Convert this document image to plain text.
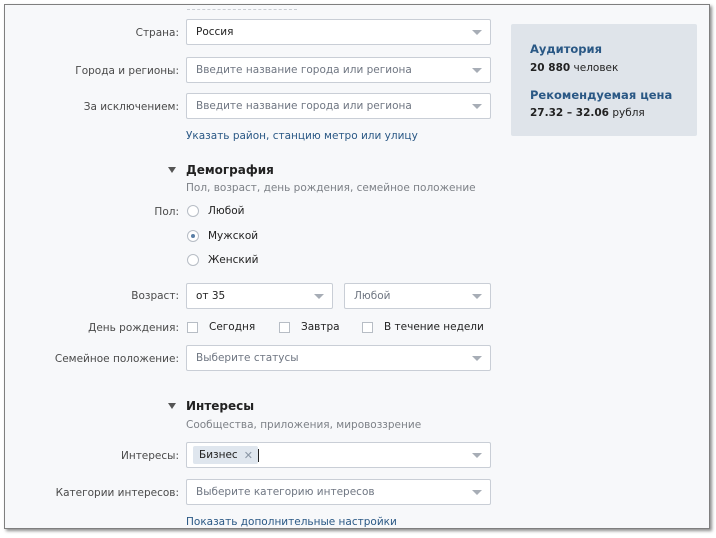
Страна: Россия
Города и регионы: Введите название города или региона
За исключением: Введите название города или региона
Указать район, станцию метро или улицу
Демография
Пол, возраст, день рождения, семейное положение
Пол:	Любой
Мужской
Женский
Возраст: от 35	Любой
День рождения:	Сегодня	Завтра	В течение недели
Семейное положение: Выберите статусы
Интересы
Сообщества, приложения, мировоззрение
Интересы: Бизнес ✕
Категории интересов: Выберите категорию интересов
Показать дополнительные настройки
Аудитория
20 880 человек
Рекомендуемая цена
27.32 – 32.06 рубля
